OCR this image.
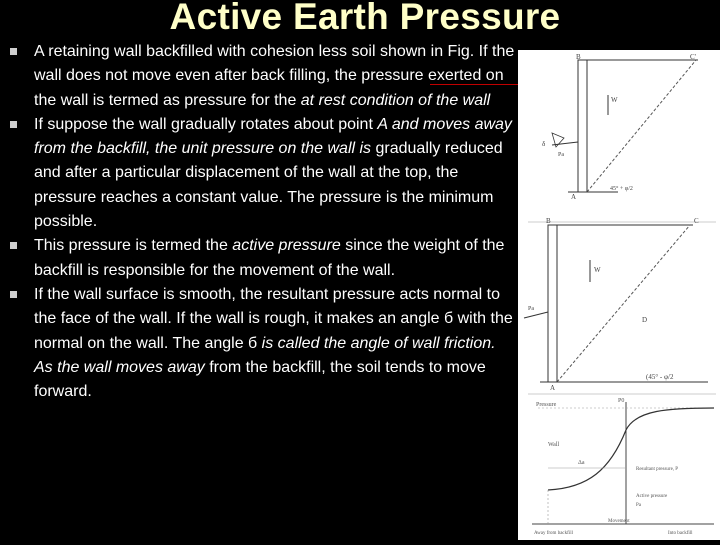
Active Earth Pressure
A retaining wall backfilled with cohesion less soil shown in Fig. If the wall does not move even after back filling, the pressure exerted on the wall is termed as pressure for the at rest condition of the wall
If suppose the wall gradually rotates about point A and moves away from the backfill, the unit pressure on the wall is gradually reduced and after a particular displacement of the wall at the top, the pressure reaches a constant value. The pressure is the minimum possible.
This pressure is termed the active pressure since the weight of the backfill is responsible for the movement of the wall.
If the wall surface is smooth, the resultant pressure acts normal to the face of the wall. If the wall is rough, it makes an angle б with the normal on the wall. The angle б is called the angle of wall friction. As the wall moves away from the backfill, the soil tends to move forward.
B	C'
W
A
δ
Pa
45° + φ/2
B	C
W
D
A
Pa
(45° - φ/2
Pressure
P0
Wall
Δa
Resultant pressure, P
Active pressure
Pa
Movement
Away from backfill	Into backfill
